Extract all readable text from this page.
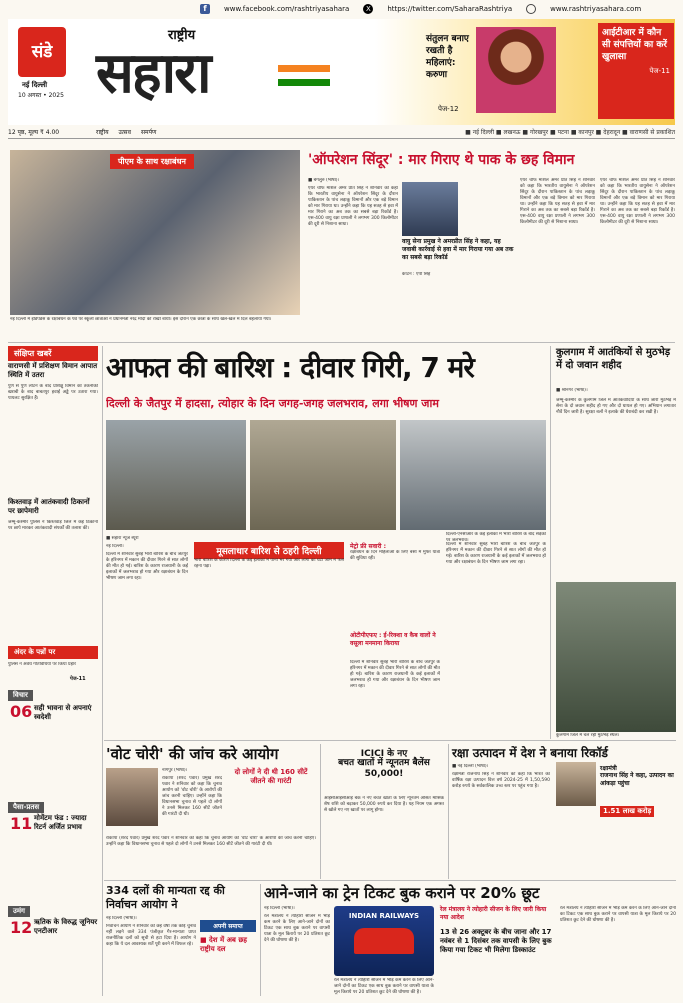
f	www.facebook.com/rashtriyasahara	X	https://twitter.com/SaharaRashtriya	www.rashtriyasahara.com
संडे
नई दिल्ली
10 अगस्त • 2025
राष्ट्रीय
सहारा
संतुलन बनाए रखती है महिलाएं: करुणा
पेज-12
आईटीआर में कौन सी संपत्तियों का करें खुलासा
पेज-11
12 पृष्ठ, मूल्य ₹ 4.00	राष्ट्रीय उत्सव समर्पण	■ नई दिल्ली ■ लखनऊ ■ गोरखपुर ■ पटना ■ कानपुर ■ देहरादून ■ वाराणसी से प्रकाशित
पीएम के साथ रक्षाबंधन
नई दिल्ली में इंडिपेंडेंस के रक्षाबंधन के पर्व पर स्कूली छात्राओं ने प्रधानमंत्री नरेंद्र मोदी को राखी बांधी। इस दौरान एक छात्रा के साथ खेल-खेल में दिल बहलाया गया।
'ऑपरेशन सिंदूर' : मार गिराए थे पाक के छह विमान
■ बेंगलुरु (भाषा)।
एयर चीफ मार्शल अमर प्रीत सिंह ने शनिवार को कहा कि भारतीय वायुसेना ने ऑपरेशन सिंदूर के दौरान पाकिस्तान के पांच लड़ाकू विमानों और एक बड़े विमान को मार गिराया था। उन्होंने कहा कि यह सतह से हवा में मार गिराने का अब तक का सबसे बड़ा रिकॉर्ड है। एस-400 वायु रक्षा प्रणाली ने लगभग 300 किलोमीटर की दूरी से निशाना साधा।
वायु सेना प्रमुख ने अमरप्रीत सिंह ने कहा, यह जवाबी कार्रवाई से हवा में मार गिराया गया अब तक का सबसे बड़ा रिकॉर्ड
कैप्टन : एपी सिंह
एयर चीफ मार्शल अमर प्रीत सिंह ने शनिवार को कहा कि भारतीय वायुसेना ने ऑपरेशन सिंदूर के दौरान पाकिस्तान के पांच लड़ाकू विमानों और एक बड़े विमान को मार गिराया था। उन्होंने कहा कि यह सतह से हवा में मार गिराने का अब तक का सबसे बड़ा रिकॉर्ड है। एस-400 वायु रक्षा प्रणाली ने लगभग 300 किलोमीटर की दूरी से निशाना साधा।
एयर चीफ मार्शल अमर प्रीत सिंह ने शनिवार को कहा कि भारतीय वायुसेना ने ऑपरेशन सिंदूर के दौरान पाकिस्तान के पांच लड़ाकू विमानों और एक बड़े विमान को मार गिराया था। उन्होंने कहा कि यह सतह से हवा में मार गिराने का अब तक का सबसे बड़ा रिकॉर्ड है। एस-400 वायु रक्षा प्रणाली ने लगभग 300 किलोमीटर की दूरी से निशाना साधा।
संक्षिप्त खबरें
वाराणसी में प्रशिक्षण विमान आपात स्थिति में उतरा
पुणे से पुणे लौटने के बाद प्रशिक्षु विमान को तकनीकी खराबी के बाद बाबतपुर हवाई अड्डे पर उतारा गया। पायलट सुरक्षित हैं।
किश्तवाड़ में आतंकवादी ठिकानों पर छापेमारी
जम्मू-कश्मीर पुलिस ने किश्तवाड़ जिले में कई ठिकानों पर छापे मारकर आतंकवादी संपर्कों की तलाश की।
अंदर के पन्नों पर
पुलिस ने अवैध गतिविधियों पर किया प्रहार
पेज-11
विचार
06 सही भावना से अपनाएं स्वदेशी
पैसा-प्रतस
11 मोमेंटम फंड : ज्यादा रिटर्न अर्जित प्रभाव
उमंग
12 ऋतिक के विरुद्ध जूनियर एनटीआर
आफत की बारिश : दीवार गिरी, 7 मरे
दिल्ली के जैतपुर में हादसा, त्योहार के दिन जगह-जगह जलभराव, लगा भीषण जाम
■ सहारा न्यूज ब्यूरो
नई दिल्ली।
दिल्ली में शनिवार सुबह भारी बारिश के बीच जैतपुर के हरिनगर में मकान की दीवार गिरने से सात लोगों की मौत हो गई। बारिश के कारण राजधानी के कई इलाकों में जलभराव हो गया और रक्षाबंधन के दिन भीषण जाम लगा रहा।
मूसलाधार बारिश से ठहरी दिल्ली
भारी बारिश के कारण दिल्ली के कई इलाकों में पानी भर गया और लोगों को घंटों जाम में फंसे रहना पड़ा।
मेट्रो फ्री सवारी :
रक्षाबंधन के दिन महिलाओं के लिए बसों में मुफ्त यात्रा की सुविधा रही।
ओटीपीएफए : ई-रिक्शा व कैब वालों ने वसूला मनमाना किराया
दिल्ली में शनिवार सुबह भारी बारिश के बीच जैतपुर के हरिनगर में मकान की दीवार गिरने से सात लोगों की मौत हो गई। बारिश के कारण राजधानी के कई इलाकों में जलभराव हो गया और रक्षाबंधन के दिन भीषण जाम लगा रहा।
दिल्ली में शनिवार सुबह भारी बारिश के बीच जैतपुर के हरिनगर में मकान की दीवार गिरने से सात लोगों की मौत हो गई। बारिश के कारण राजधानी के कई इलाकों में जलभराव हो गया और रक्षाबंधन के दिन भीषण जाम लगा रहा।
दिल्ली-एनसीआर के कई इलाकों में भारी बारिश के बाद सड़कों पर जलभराव।
कुलगाम में आतंकियों से मुठभेड़ में दो जवान शहीद
■ श्रीनगर (भाषा)।
जम्मू-कश्मीर के कुलगाम जिले में आतंकवादियों के साथ जारी मुठभेड़ में सेना के दो जवान शहीद हो गए और दो घायल हो गए। अभियान लगातार नौवें दिन जारी है। सुरक्षा बलों ने इलाके की घेराबंदी कर रखी है।
कुलगाम जिले में चल रही मुठभेड़ स्थल।
'वोट चोरी' की जांच करे आयोग
नागपुर (भाषा)।
राकांपा (शरद पवार) प्रमुख शरद पवार ने शनिवार को कहा कि चुनाव आयोग को 'वोट चोरी' के आरोपों की जांच करनी चाहिए। उन्होंने कहा कि विधानसभा चुनाव से पहले दो लोगों ने उनसे मिलकर 160 सीटें जीतने की गारंटी दी थी।
दो लोगों ने दी थी 160 सीटें जीतने की गारंटी
राकांपा (शरद पवार) प्रमुख शरद पवार ने शनिवार को कहा कि चुनाव आयोग को 'वोट चोरी' के आरोपों की जांच करनी चाहिए। उन्होंने कहा कि विधानसभा चुनाव से पहले दो लोगों ने उनसे मिलकर 160 सीटें जीतने की गारंटी दी थी।
ICICI के नए
बचत खातों में न्यूनतम बैलेंस 50,000!
आईसीआईसीआई बैंक ने नए बचत खातों के लिए न्यूनतम औसत मासिक शेष राशि को बढ़ाकर 50,000 रुपये कर दिया है। यह नियम एक अगस्त से खोले गए नए खातों पर लागू होगा।
रक्षा उत्पादन में देश ने बनाया रिकॉर्ड
■ नई दिल्ली (भाषा)।
रक्षामंत्री राजनाथ सिंह ने शनिवार को कहा कि भारत का वार्षिक रक्षा उत्पादन वित्त वर्ष 2024-25 में 1,50,590 करोड़ रुपये के सर्वकालिक उच्च स्तर पर पहुंच गया है।
रक्षामंत्री
राजनाथ सिंह ने कहा, उत्पादन का आंकड़ा पहुंचा
1.51 लाख करोड़
334 दलों की मान्यता रद्द की निर्वाचन आयोग ने
नई दिल्ली (भाषा)।
निर्वाचन आयोग ने शनिवार को छह वर्षों तक कोई चुनाव नहीं लड़ने वाले 334 पंजीकृत गैर-मान्यता प्राप्त राजनीतिक दलों को सूची से हटा दिया है। आयोग ने कहा कि ये दल आवश्यक शर्तें पूरी करने में विफल रहे।
अपनी समाप्त
■ देश में अब छह राष्ट्रीय दल
आने-जाने का ट्रेन टिकट बुक कराने पर 20% छूट
नई दिल्ली (भाषा)।
रेल मंत्रालय ने त्योहारी सीजन में भीड़ कम करने के लिए आने-जाने दोनों का टिकट एक साथ बुक कराने पर वापसी यात्रा के मूल किराये पर 20 प्रतिशत छूट देने की घोषणा की है।
INDIAN RAILWAYS
रेल मंत्रालय ने त्योहारी सीजन में भीड़ कम करने के लिए आने-जाने दोनों का टिकट एक साथ बुक कराने पर वापसी यात्रा के मूल किराये पर 20 प्रतिशत छूट देने की घोषणा की है।
रेल मंत्रालय ने त्योहारी सीजन के लिए जारी किया नया आदेश
13 से 26 अक्टूबर के बीच जाना और 17 नवंबर से 1 दिसंबर तक वापसी के लिए बुक किया गया टिकट भी मिलेगा डिस्काउंट
रेल मंत्रालय ने त्योहारी सीजन में भीड़ कम करने के लिए आने-जाने दोनों का टिकट एक साथ बुक कराने पर वापसी यात्रा के मूल किराये पर 20 प्रतिशत छूट देने की घोषणा की है।
